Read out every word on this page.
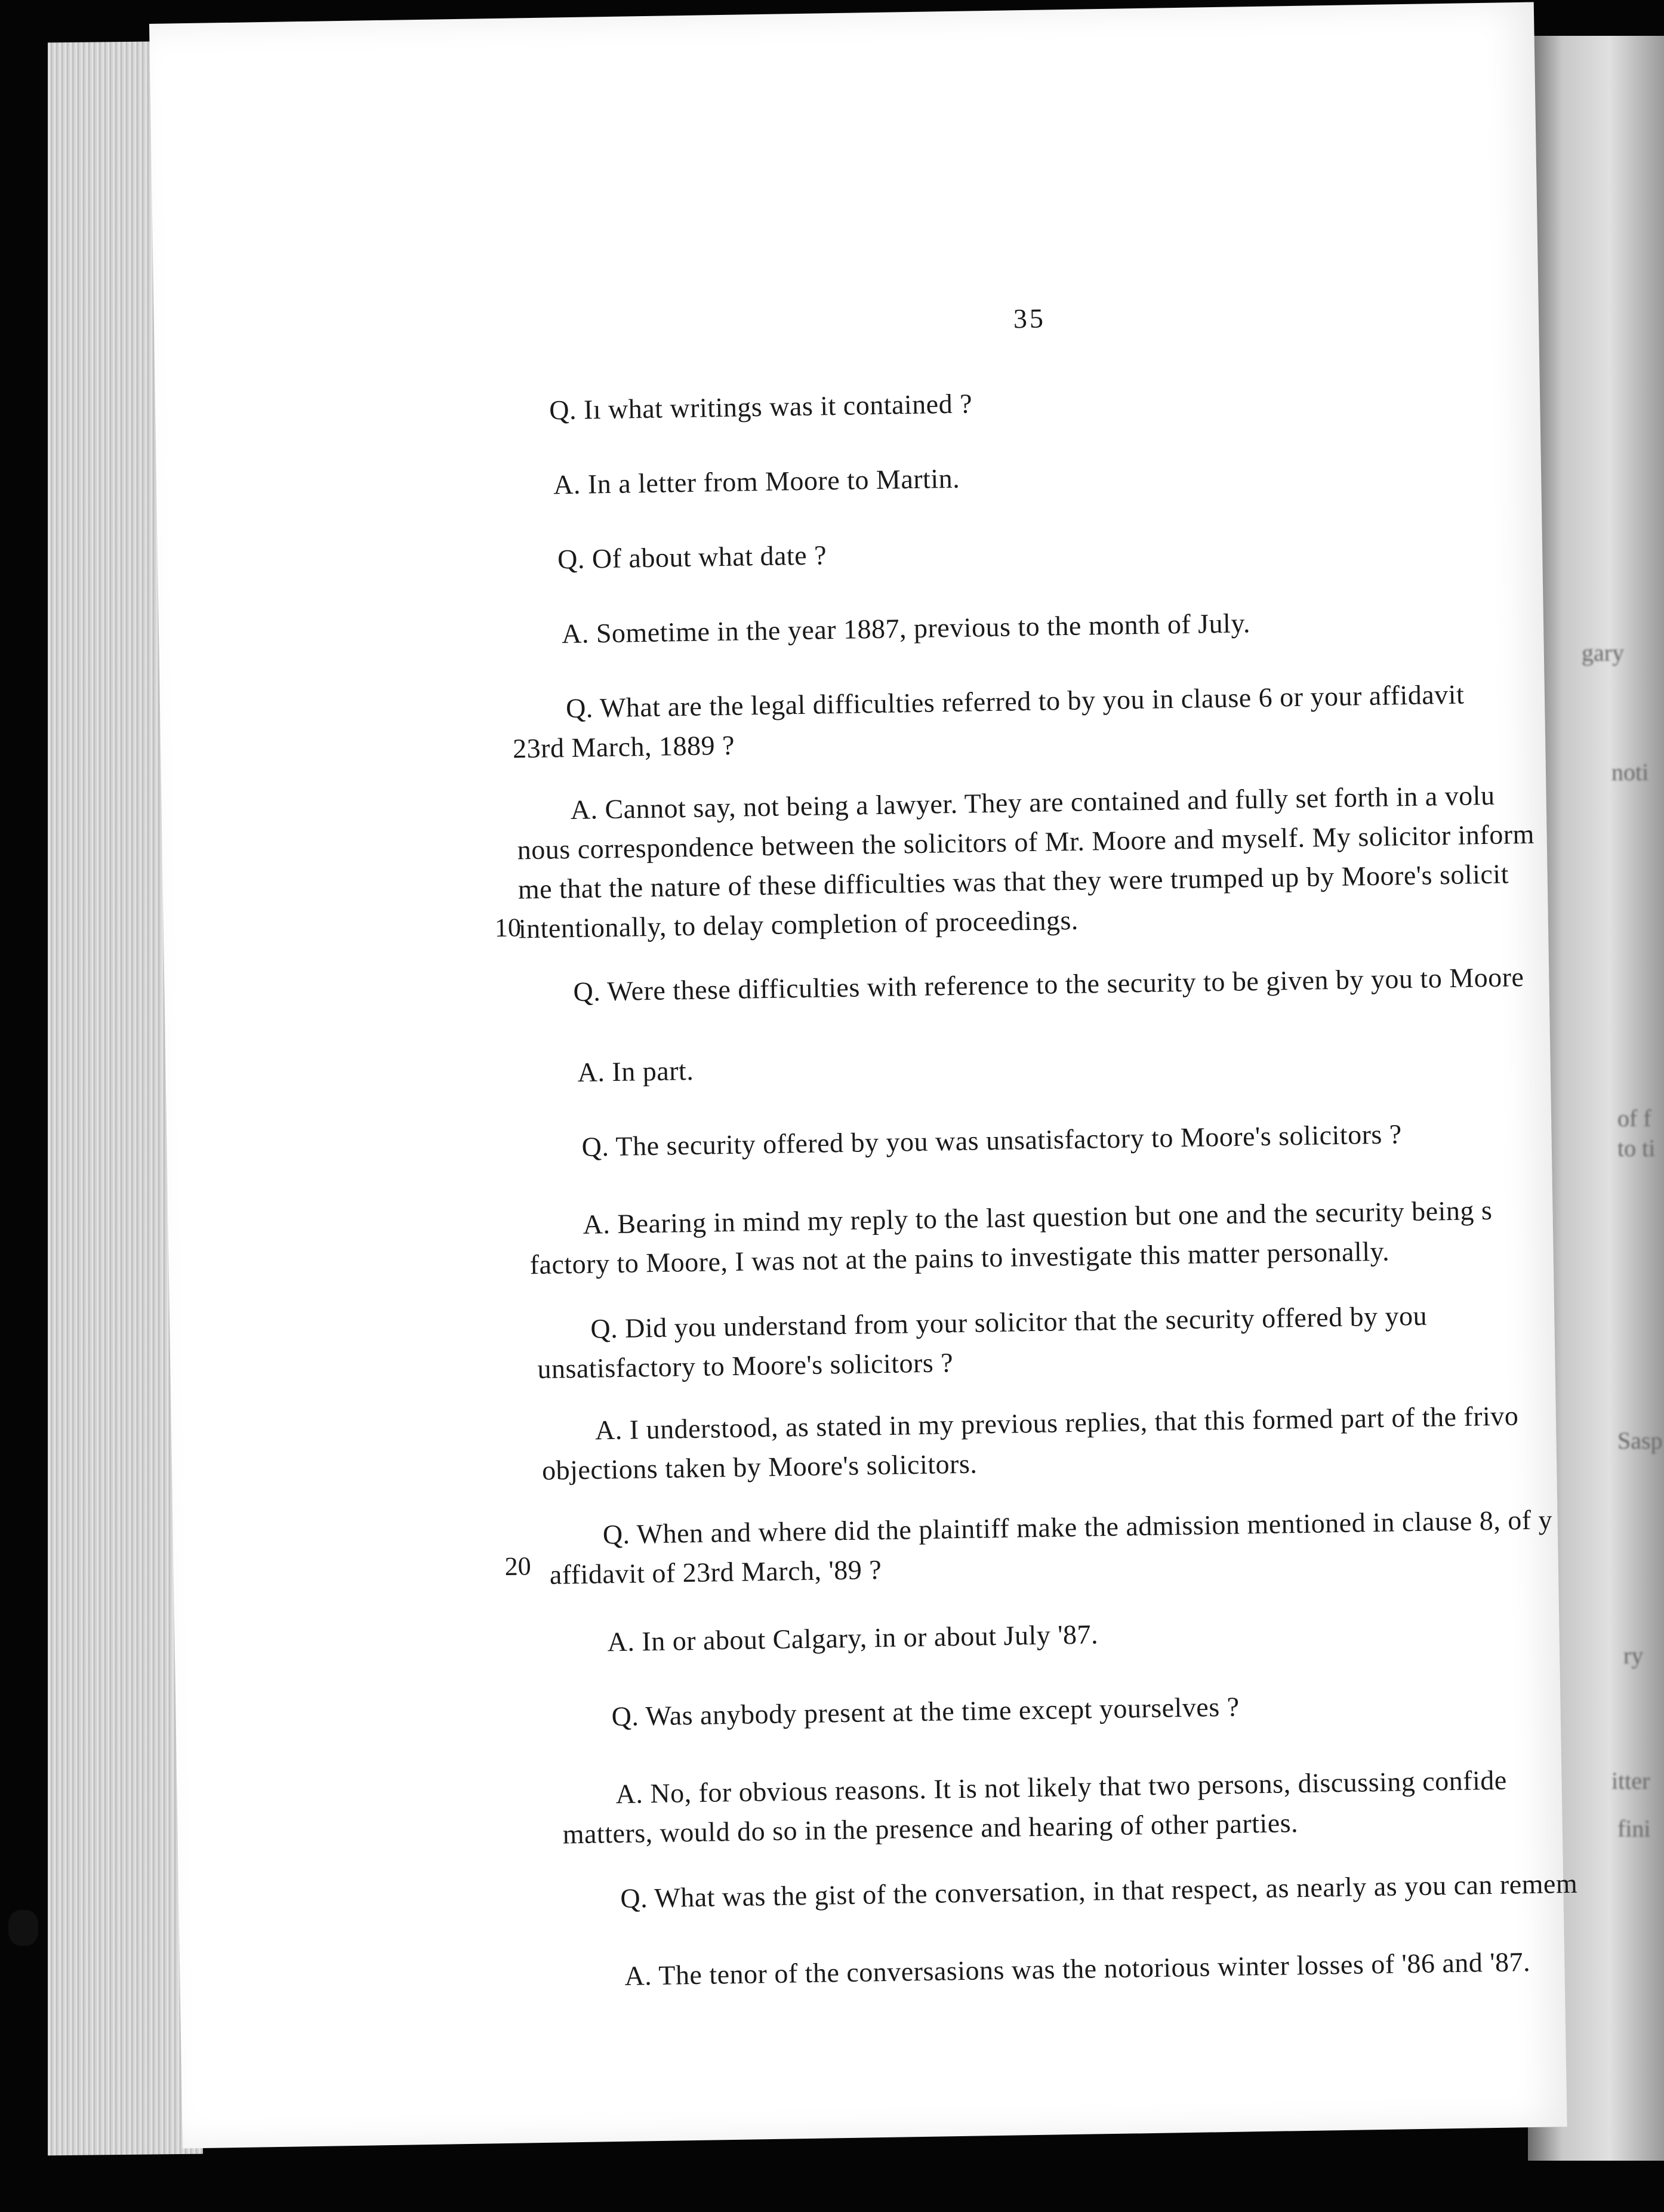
gary
noti
of f
to ti
Sasp
ry
itter
fini
35
Q. Iı what writings was it contained ?
A. In a letter from Moore to Martin.
Q. Of about what date ?
A. Sometime in the year 1887, previous to the month of July.
Q. What are the legal difficulties referred to by you in clause 6 or your affidavit
23rd March, 1889 ?
A. Cannot say, not being a lawyer. They are contained and fully set forth in a volu
nous correspondence between the solicitors of Mr. Moore and myself. My solicitor inform
me that the nature of these difficulties was that they were trumped up by Moore's solicit
intentionally, to delay completion of proceedings.
10
Q. Were these difficulties with reference to the security to be given by you to Moore
A. In part.
Q. The security offered by you was unsatisfactory to Moore's solicitors ?
A. Bearing in mind my reply to the last question but one and the security being s
factory to Moore, I was not at the pains to investigate this matter personally.
Q. Did you understand from your solicitor that the security offered by you
unsatisfactory to Moore's solicitors ?
A. I understood, as stated in my previous replies, that this formed part of the frivo
objections taken by Moore's solicitors.
20
Q. When and where did the plaintiff make the admission mentioned in clause 8, of y
affidavit of 23rd March, '89 ?
A. In or about Calgary, in or about July '87.
Q. Was anybody present at the time except yourselves ?
A. No, for obvious reasons. It is not likely that two persons, discussing confide
matters, would do so in the presence and hearing of other parties.
Q. What was the gist of the conversation, in that respect, as nearly as you can remem
A. The tenor of the conversasions was the notorious winter losses of '86 and '87.
